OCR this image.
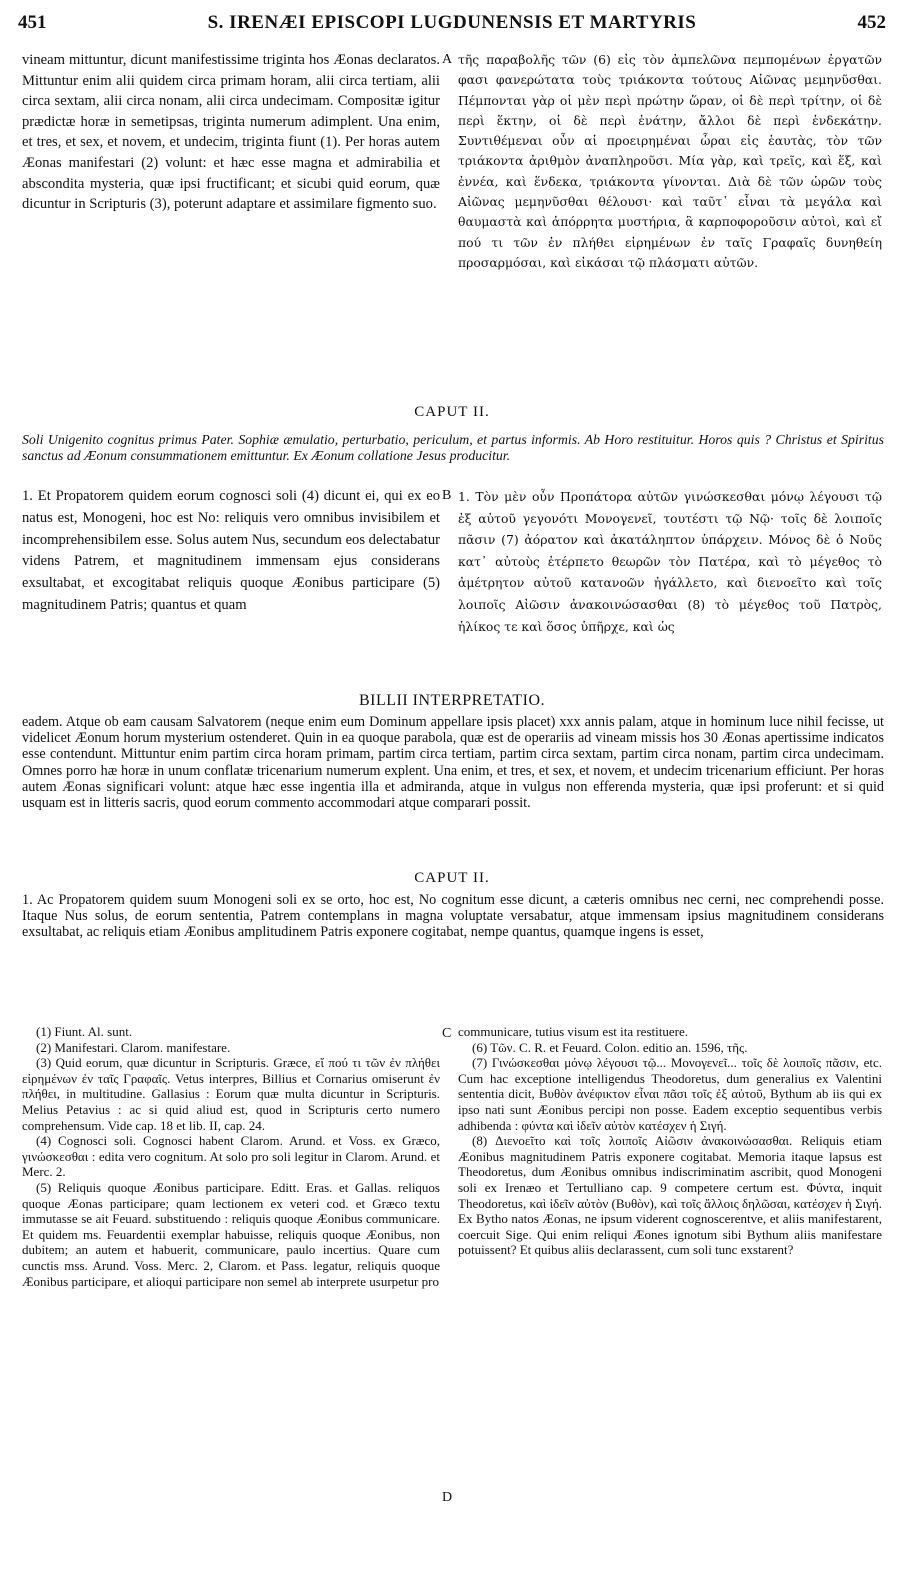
451	S. IRENÆI EPISCOPI LUGDUNENSIS ET MARTYRIS	452
vineam mittuntur, dicunt manifestissime triginta hos Æonas declaratos. Mittuntur enim alii quidem circa primam horam, alii circa tertiam, alii circa sextam, alii circa nonam, alii circa undecimam. Compositæ igitur prædictæ horæ in semetipsas, triginta numerum adimplent. Una enim, et tres, et sex, et novem, et undecim, triginta fiunt (1). Per horas autem Æonas manifestari (2) volunt: et hæc esse magna et admirabilia et abscondita mysteria, quæ ipsi fructificant; et sicubi quid eorum, quæ dicuntur in Scripturis (3), poterunt adaptare et assimilare figmento suo.
A τῆς παραβολῆς τῶν (6) εἰς τὸν ἀμπελῶνα πεμπομένων ἐργατῶν φασι φανερώτατα τοὺς τριάκοντα τούτους Αἰῶνας μεμηνῦσθαι. Πέμπονται γὰρ οἱ μὲν περὶ πρώτην ὥραν, οἱ δὲ περὶ τρίτην, οἱ δὲ περὶ ἕκτην, οἱ δὲ περὶ ἐνάτην, ἄλλοι δὲ περὶ ἑνδεκάτην. Συντιθέμεναι οὖν αἱ προειρημέναι ὧραι εἰς ἑαυτὰς, τὸν τῶν τριάκοντα ἀριθμὸν ἀναπληροῦσι. Μία γὰρ, καὶ τρεῖς, καὶ ἕξ, καὶ ἐννέα, καὶ ἕνδεκα, τριάκοντα γίνονται. Διὰ δὲ τῶν ὡρῶν τοὺς Αἰῶνας μεμηνῦσθαι θέλουσι· καὶ ταῦτ᾽ εἶναι τὰ μεγάλα καὶ θαυμαστὰ καὶ ἀπόρρητα μυστήρια, ἃ καρποφοροῦσιν αὐτοὶ, καὶ εἴ πού τι τῶν ἐν πλήθει εἰρημένων ἐν ταῖς Γραφαῖς δυνηθείη προσαρμόσαι, καὶ εἰκάσαι τῷ πλάσματι αὐτῶν.
CAPUT II.
Soli Unigenito cognitus primus Pater. Sophiæ æmulatio, perturbatio, periculum, et partus informis. Ab Horo restituitur. Horos quis ? Christus et Spiritus sanctus ad Æonum consummationem emittuntur. Ex Æonum collatione Jesus producitur.
1. Et Propatorem quidem eorum cognosci soli (4) dicunt ei, qui ex eo natus est, Monogeni, hoc est No: reliquis vero omnibus invisibilem et incomprehensibilem esse. Solus autem Nus, secundum eos delectabatur videns Patrem, et magnitudinem immensam ejus considerans exsultabat, et excogitabat reliquis quoque Æonibus participare (5) magnitudinem Patris; quantus et quam
B 1. Τὸν μὲν οὖν Προπάτορα αὐτῶν γινώσκεσθαι μόνῳ λέγουσι τῷ ἐξ αὐτοῦ γεγονότι Μονογενεῖ, τουτέστι τῷ Νῷ· τοῖς δὲ λοιποῖς πᾶσιν (7) ἀόρατον καὶ ἀκατάληπτον ὑπάρχειν. Μόνος δὲ ὁ Νοῦς κατ᾽ αὐτοὺς ἐτέρπετο θεωρῶν τὸν Πατέρα, καὶ τὸ μέγεθος τὸ ἀμέτρητον αὐτοῦ κατανοῶν ἠγάλλετο, καὶ διενοεῖτο καὶ τοῖς λοιποῖς Αἰῶσιν ἀνακοινώσασθαι (8) τὸ μέγεθος τοῦ Πατρὸς, ἡλίκος τε καὶ ὅσος ὑπῆρχε, καὶ ὡς
BILLII INTERPRETATIO.
eadem. Atque ob eam causam Salvatorem (neque enim eum Dominum appellare ipsis placet) xxx annis palam, atque in hominum luce nihil fecisse, ut videlicet Æonum horum mysterium ostenderet. Quin in ea quoque parabola, quæ est de operariis ad vineam missis hos 30 Æonas apertissime indicatos esse contendunt. Mittuntur enim partim circa horam primam, partim circa tertiam, partim circa sextam, partim circa nonam, partim circa undecimam. Omnes porro hæ horæ in unum conflatæ tricenarium numerum explent. Una enim, et tres, et sex, et novem, et undecim tricenarium efficiunt. Per horas autem Æonas significari volunt: atque hæc esse ingentia illa et admiranda, atque in vulgus non efferenda mysteria, quæ ipsi proferunt: et si quid usquam est in litteris sacris, quod eorum commento accommodari atque comparari possit.
CAPUT II.
1. Ac Propatorem quidem suum Monogeni soli ex se orto, hoc est, No cognitum esse dicunt, a cæteris omnibus nec cerni, nec comprehendi posse. Itaque Nus solus, de eorum sententia, Patrem contemplans in magna voluptate versabatur, atque immensam ipsius magnitudinem considerans exsultabat, ac reliquis etiam Æonibus amplitudinem Patris exponere cogitabat, nempe quantus, quamque ingens is esset,

(1) Fiunt. Al. sunt.

(2) Manifestari. Clarom. manifestare.

(3) Quid eorum, quæ dicuntur in Scripturis. Græce, εἴ πού τι τῶν ἐν πλήθει εἰρημένων ἐν ταῖς Γραφαῖς. Vetus interpres, Billius et Cornarius omiserunt ἐν πλήθει, in multitudine. Gallasius : Eorum quæ multa dicuntur in Scripturis. Melius Petavius : ac si quid aliud est, quod in Scripturis certo numero comprehensum. Vide cap. 18 et lib. II, cap. 24.

(4) Cognosci soli. Cognosci habent Clarom. Arund. et Voss. ex Græco, γινώσκεσθαι : edita vero cognitum. At solo pro soli legitur in Clarom. Arund. et Merc. 2.

(5) Reliquis quoque Æonibus participare. Editt. Eras. et Gallas. reliquos quoque Æonas participare; quam lectionem ex veteri cod. et Græco textu immutasse se ait Feuard. substituendo : reliquis quoque Æonibus communicare. Et quidem ms. Feuardentii exemplar habuisse, reliquis quoque Æonibus, non dubitem; an autem et habuerit, communicare, paulo incertius. Quare cum cunctis mss. Arund. Voss. Merc. 2, Clarom. et Pass. legatur, reliquis quoque Æonibus participare, et alioqui participare non semel ab interprete usurpetur pro

C
D

communicare, tutius visum est ita restituere.

(6) Τῶν. C. R. et Feuard. Colon. editio an. 1596, τῆς.

(7) Γινώσκεσθαι μόνῳ λέγουσι τῷ... Μονογενεῖ... τοῖς δὲ λοιποῖς πᾶσιν, etc. Cum hac exceptione intelligendus Theodoretus, dum generalius ex Valentini sententia dicit, Βυθὸν ἀνέφικτον εἶναι πᾶσι τοῖς ἐξ αὐτοῦ, Bythum ab iis qui ex ipso nati sunt Æonibus percipi non posse. Eadem exceptio sequentibus verbis adhibenda : φύντα καὶ ἰδεῖν αὐτὸν κατέσχεν ἡ Σιγή.

(8) Διενοεῖτο καὶ τοῖς λοιποῖς Αἰῶσιν ἀνακοινώσασθαι. Reliquis etiam Æonibus magnitudinem Patris exponere cogitabat. Memoria itaque lapsus est Theodoretus, dum Æonibus omnibus indiscriminatim ascribit, quod Monogeni soli ex Irenæo et Tertulliano cap. 9 competere certum est. Φύντα, inquit Theodoretus, καὶ ἰδεῖν αὐτὸν (Βυθὸν), καὶ τοῖς ἄλλοις δηλῶσαι, κατέσχεν ἡ Σιγή. Ex Bytho natos Æonas, ne ipsum viderent cognoscerentve, et aliis manifestarent, coercuit Sige. Qui enim reliqui Æones ignotum sibi Bythum aliis manifestare potuissent? Et quibus aliis declarassent, cum soli tunc exstarent?
